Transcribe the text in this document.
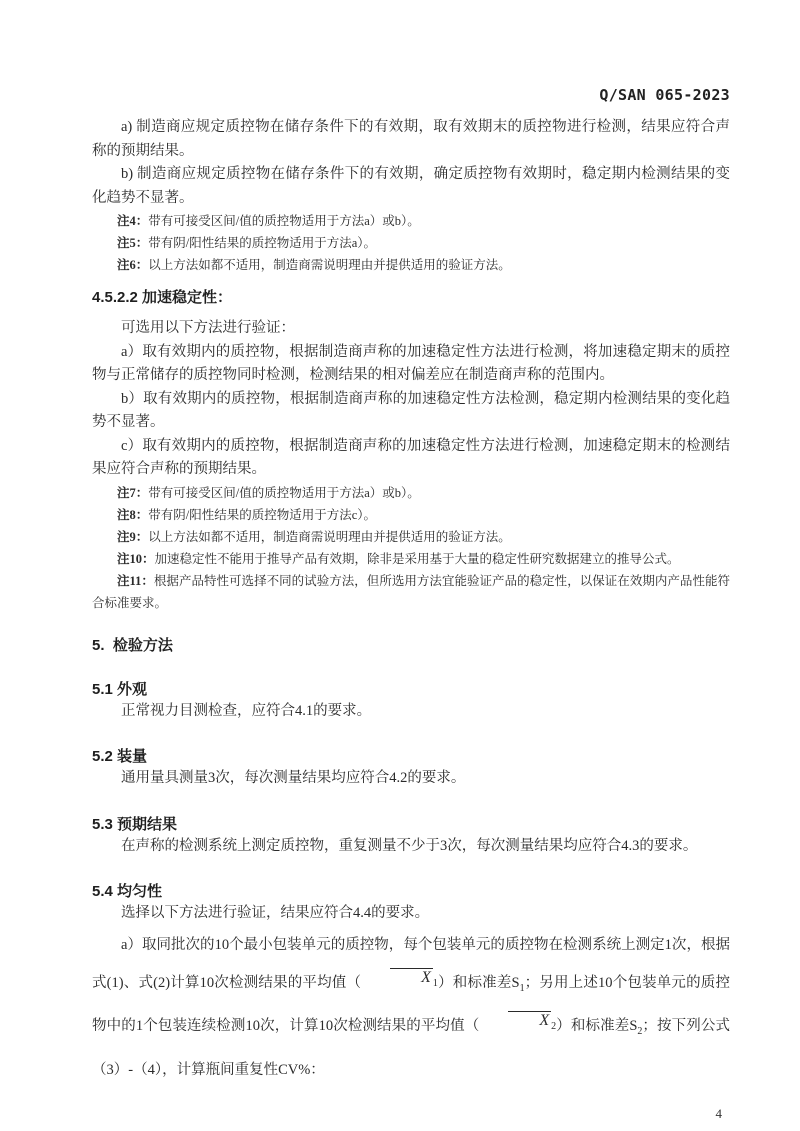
Q/SAN 065-2023

a) 制造商应规定质控物在储存条件下的有效期，取有效期末的质控物进行检测，结果应符合声称的预期结果。

b) 制造商应规定质控物在储存条件下的有效期，确定质控物有效期时，稳定期内检测结果的变化趋势不显著。

注4：带有可接受区间/值的质控物适用于方法a）或b）。

注5：带有阴/阳性结果的质控物适用于方法a）。

注6：以上方法如都不适用，制造商需说明理由并提供适用的验证方法。

4.5.2.2 加速稳定性：

可选用以下方法进行验证：

a）取有效期内的质控物，根据制造商声称的加速稳定性方法进行检测，将加速稳定期末的质控物与正常储存的质控物同时检测，检测结果的相对偏差应在制造商声称的范围内。

b）取有效期内的质控物，根据制造商声称的加速稳定性方法检测，稳定期内检测结果的变化趋势不显著。

c）取有效期内的质控物，根据制造商声称的加速稳定性方法进行检测，加速稳定期末的检测结果应符合声称的预期结果。

注7：带有可接受区间/值的质控物适用于方法a）或b）。

注8：带有阴/阳性结果的质控物适用于方法c）。

注9：以上方法如都不适用，制造商需说明理由并提供适用的验证方法。

注10：加速稳定性不能用于推导产品有效期，除非是采用基于大量的稳定性研究数据建立的推导公式。

注11：根据产品特性可选择不同的试验方法，但所选用方法宜能验证产品的稳定性，以保证在效期内产品性能符合标准要求。

5.  检验方法

5.1 外观

正常视力目测检查，应符合4.1的要求。

5.2 装量

通用量具测量3次，每次测量结果均应符合4.2的要求。

5.3 预期结果

在声称的检测系统上测定质控物，重复测量不少于3次，每次测量结果均应符合4.3的要求。

5.4 均匀性

选择以下方法进行验证，结果应符合4.4的要求。

a）取同批次的10个最小包装单元的质控物，每个包装单元的质控物在检测系统上测定1次，根据式(1)、式(2)计算10次检测结果的平均值（	X $_1$）和标准差$S_1$；另用上述10个包装单元的质控物中的1个包装连续检测10次，计算10次检测结果的平均值（	X $_2$）和标准差$S_2$；按下列公式（3）-（4），计算瓶间重复性CV%：

4
